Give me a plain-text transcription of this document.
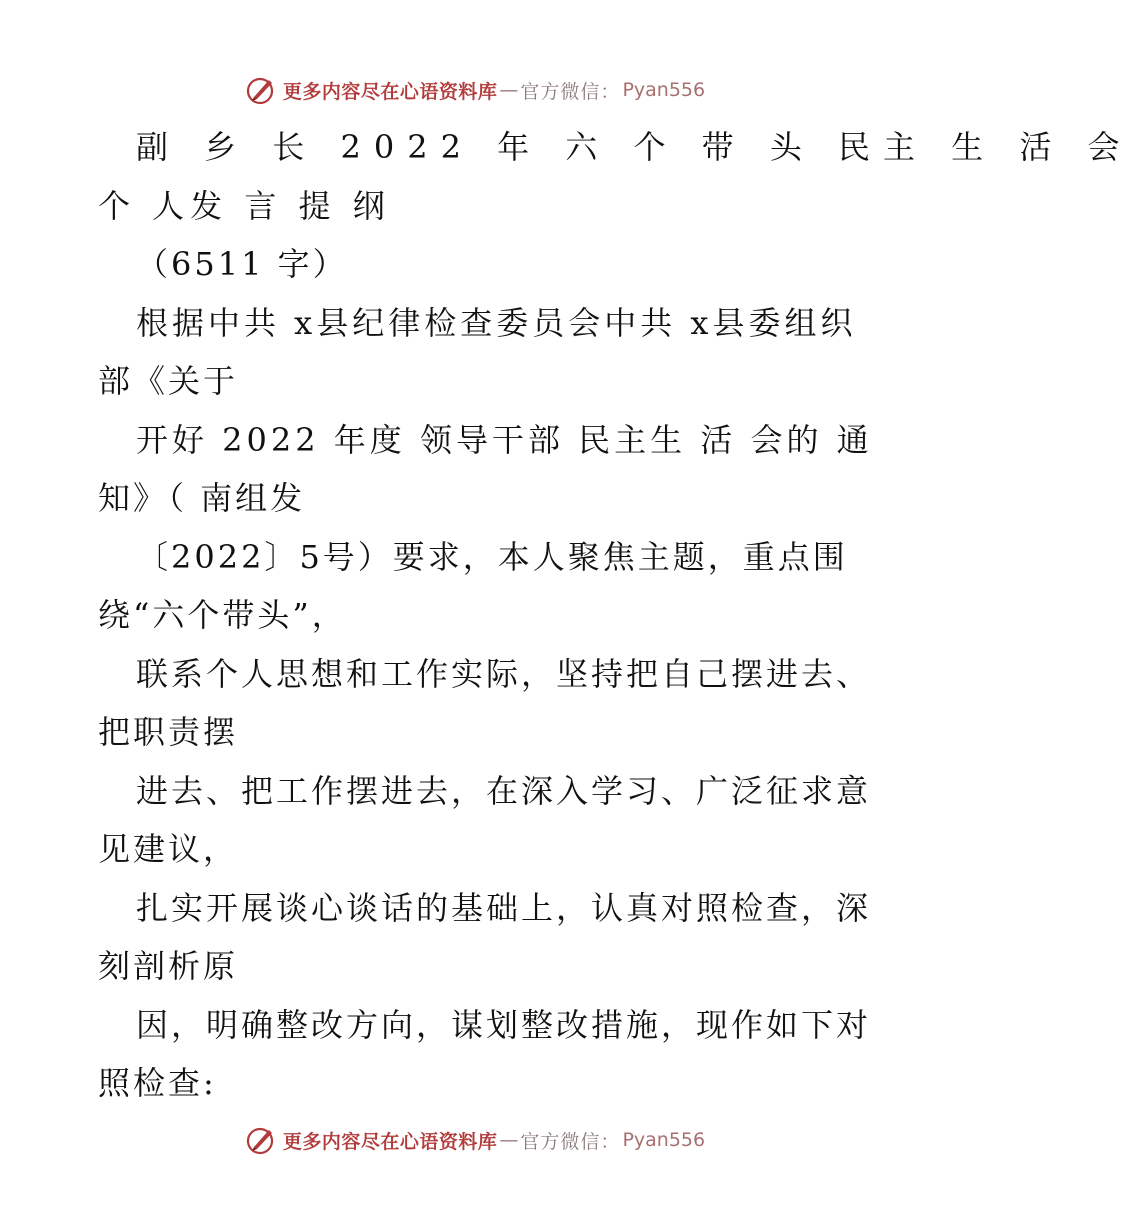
更多内容尽在心语资料库 — 官方微信： Pyan556
副 乡 长 2022 年 六 个 带 头 民主 生 活 会
个 人发 言 提 纲
（6511 字）
根据中共 x县纪律检查委员会中共 x县委组织
部《关于
开好 2022 年度 领导干部 民主生 活 会的 通
知》（ 南组发
〔2022〕5号）要求，本人聚焦主题，重点围
绕“六个带头”，
联系个人思想和工作实际，坚持把自己摆进去、
把职责摆
进去、把工作摆进去，在深入学习、广泛征求意
见建议，
扎实开展谈心谈话的基础上，认真对照检查，深
刻剖析原
因，明确整改方向，谋划整改措施，现作如下对
照检查:
更多内容尽在心语资料库 — 官方微信： Pyan556
